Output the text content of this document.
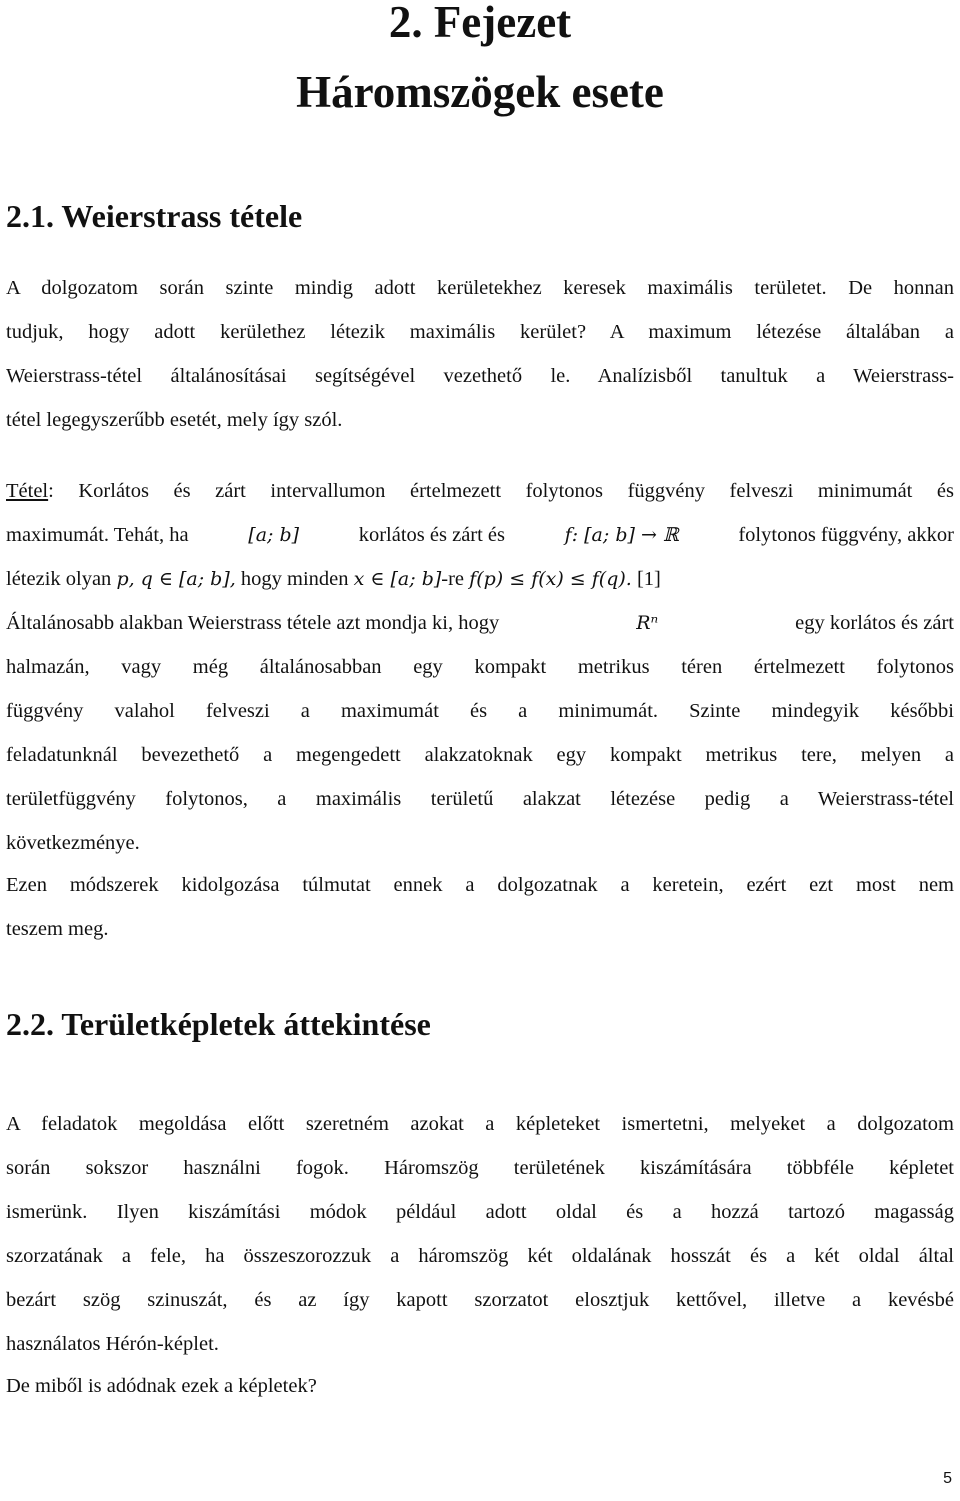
2. Fejezet
Háromszögek esete
2.1. Weierstrass tétele
A dolgozatom során szinte mindig adott kerületekhez keresek maximális területet. De honnan
tudjuk, hogy adott kerülethez létezik maximális kerület? A maximum létezése általában a
Weierstrass-tétel általánosításai segítségével vezethető le. Analízisből tanultuk a Weierstrass-
tétel legegyszerűbb esetét, mely így szól.
Tétel: Korlátos és zárt intervallumon értelmezett folytonos függvény felveszi minimumát és
maximumát. Tehát, ha	[a; b]	korlátos és zárt és	f: [a; b] → ℝ	folytonos függvény, akkor
létezik olyan p, q ∈ [a; b], hogy minden x ∈ [a; b]-re f(p) ≤ f(x) ≤ f(q). [1]
Általánosabb alakban Weierstrass tétele azt mondja ki, hogy	Rⁿ	egy korlátos és zárt
halmazán, vagy még általánosabban egy kompakt metrikus téren értelmezett folytonos
függvény valahol felveszi a maximumát és a minimumát. Szinte mindegyik későbbi
feladatunknál bevezethető a megengedett alakzatoknak egy kompakt metrikus tere, melyen a
területfüggvény folytonos, a maximális területű alakzat létezése pedig a Weierstrass-tétel
következménye.
Ezen módszerek kidolgozása túlmutat ennek a dolgozatnak a keretein, ezért ezt most nem
teszem meg.
2.2. Területképletek áttekintése
A feladatok megoldása előtt szeretném azokat a képleteket ismertetni, melyeket a dolgozatom
során sokszor használni fogok. Háromszög területének kiszámítására többféle képletet
ismerünk. Ilyen kiszámítási módok például adott oldal és a hozzá tartozó magasság
szorzatának a fele, ha összeszorozzuk a háromszög két oldalának hosszát és a két oldal által
bezárt szög szinuszát, és az így kapott szorzatot elosztjuk kettővel, illetve a kevésbé
használatos Hérón-képlet.
De miből is adódnak ezek a képletek?
5
